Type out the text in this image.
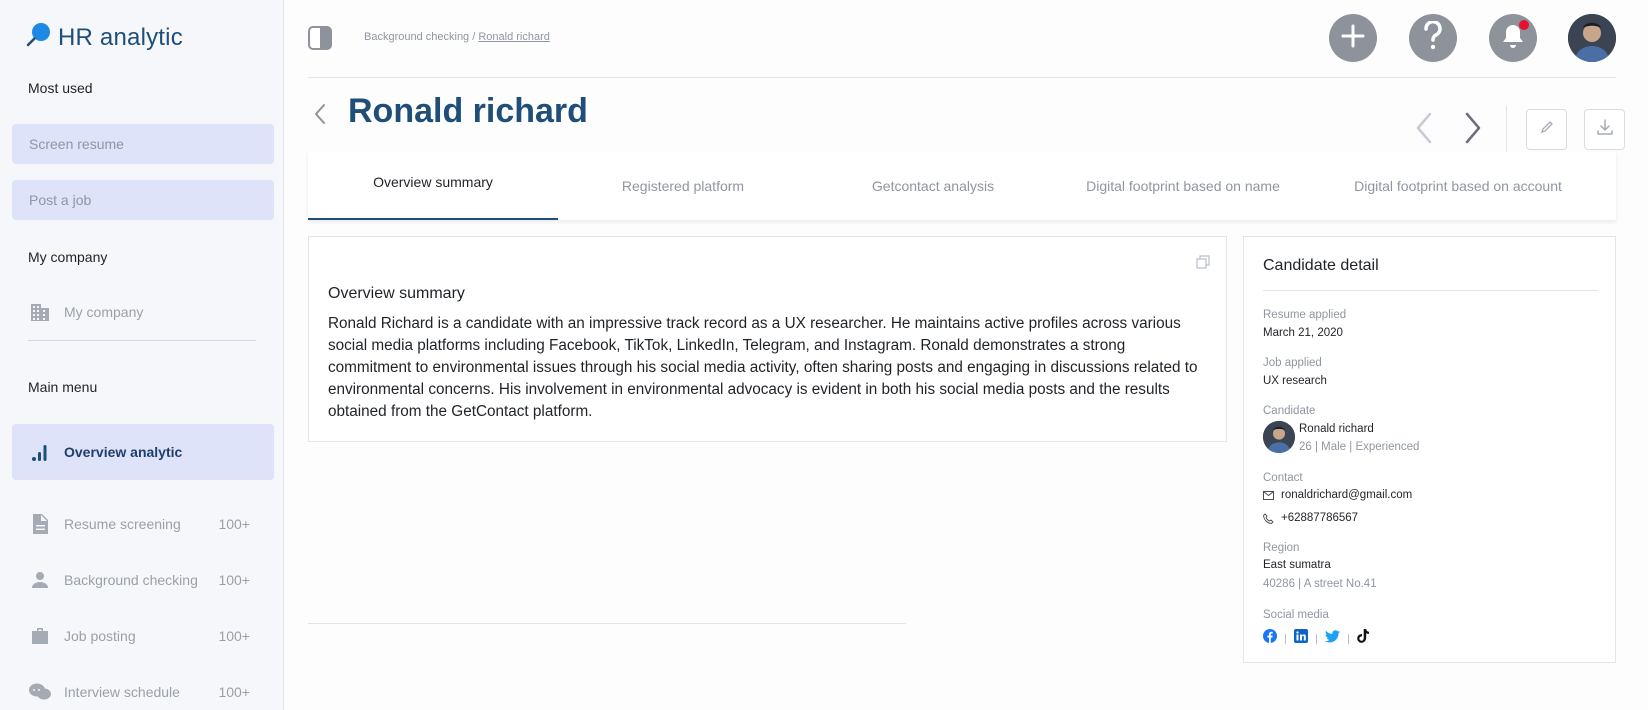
HR analytic
Most used
Screen resume
Post a job
My company
My company
Main menu
Overview analytic
Resume screening	100+
Background checking 100+
Job posting	100+
Interview schedule	100+
Background checking / Ronald richard
Ronald richard
Overview summary	Registered platform	Getcontact analysis	Digital footprint based on name	Digital footprint based on account
Overview summary

Ronald Richard is a candidate with an impressive track record as a UX researcher. He maintains active profiles across various social media platforms including Facebook, TikTok, LinkedIn, Telegram, and Instagram. Ronald demonstrates a strong commitment to environmental issues through his social media activity, often sharing posts and engaging in discussions related to environmental concerns. His involvement in environmental advocacy is evident in both his social media posts and the results obtained from the GetContact platform.

Candidate detail
Resume applied
March 21, 2020
Job applied
UX research
Candidate
Ronald richard
26 | Male | Experienced
Contact
ronaldrichard@gmail.com
+62887786567
Region
East sumatra
40286 | A street No.41
Social media
